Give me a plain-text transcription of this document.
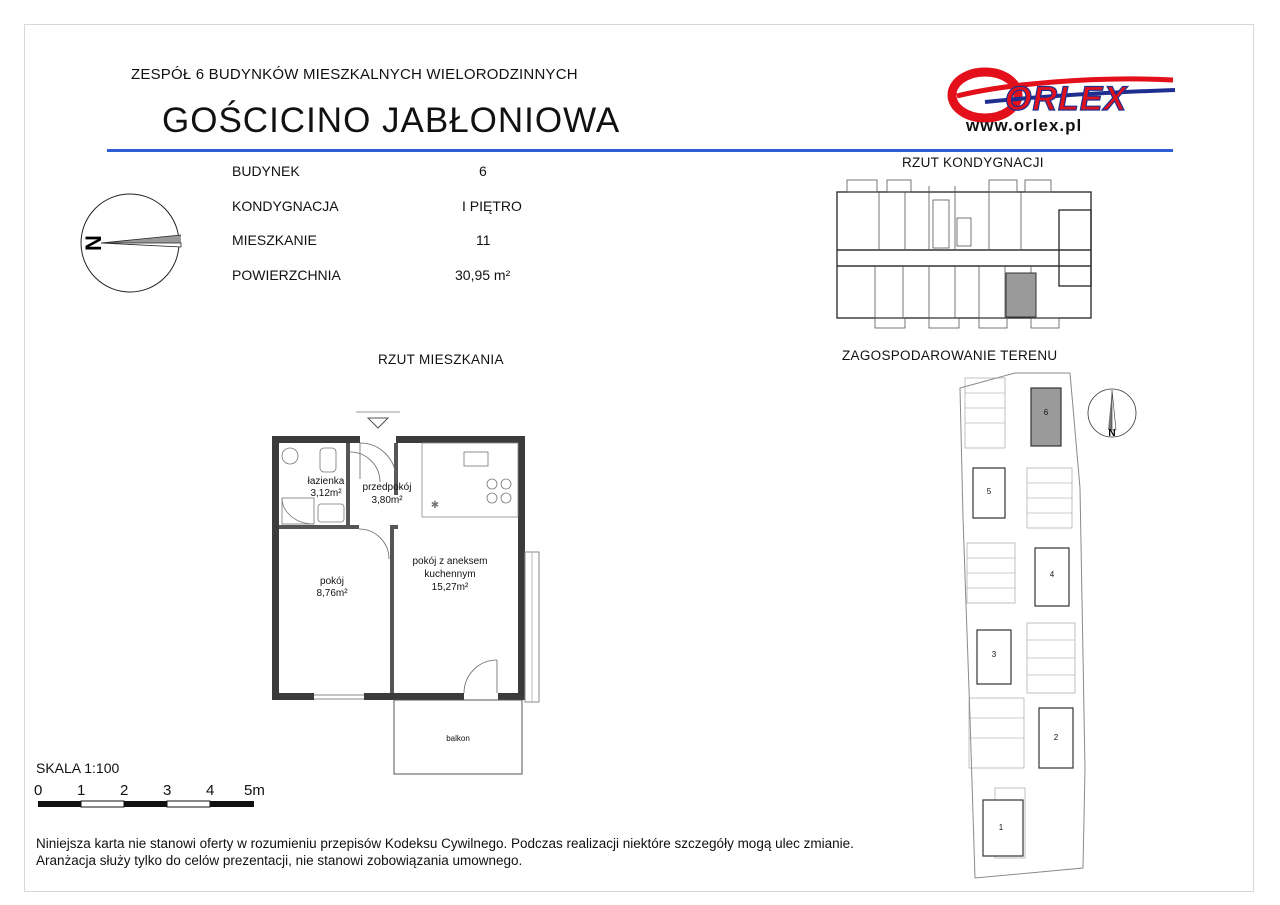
ZESPÓŁ 6 BUDYNKÓW MIESZKALNYCH WIELORODZINNYCH
GOŚCICINO JABŁONIOWA
ORLEX
www.orlex.pl
N
BUDYNEK	6
KONDYGNACJA	I PIĘTRO
MIESZKANIE	11
POWIERZCHNIA	30,95 m²
RZUT MIESZKANIA
RZUT KONDYGNACJI
ZAGOSPODAROWANIE TERENU
✱
łazienka
3,12m²
przedpokój
3,80m²
pokój
8,76m²
pokój z aneksem
kuchennym
15,27m²
balkon
6
5
4
3
2
1
N
SKALA 1:100
0 1 2 3 4 5m
Niniejsza karta nie stanowi oferty w rozumieniu przepisów Kodeksu Cywilnego. Podczas realizacji niektóre szczegóły mogą ulec zmianie.
Aranżacja służy tylko do celów prezentacji, nie stanowi zobowiązania umownego.
